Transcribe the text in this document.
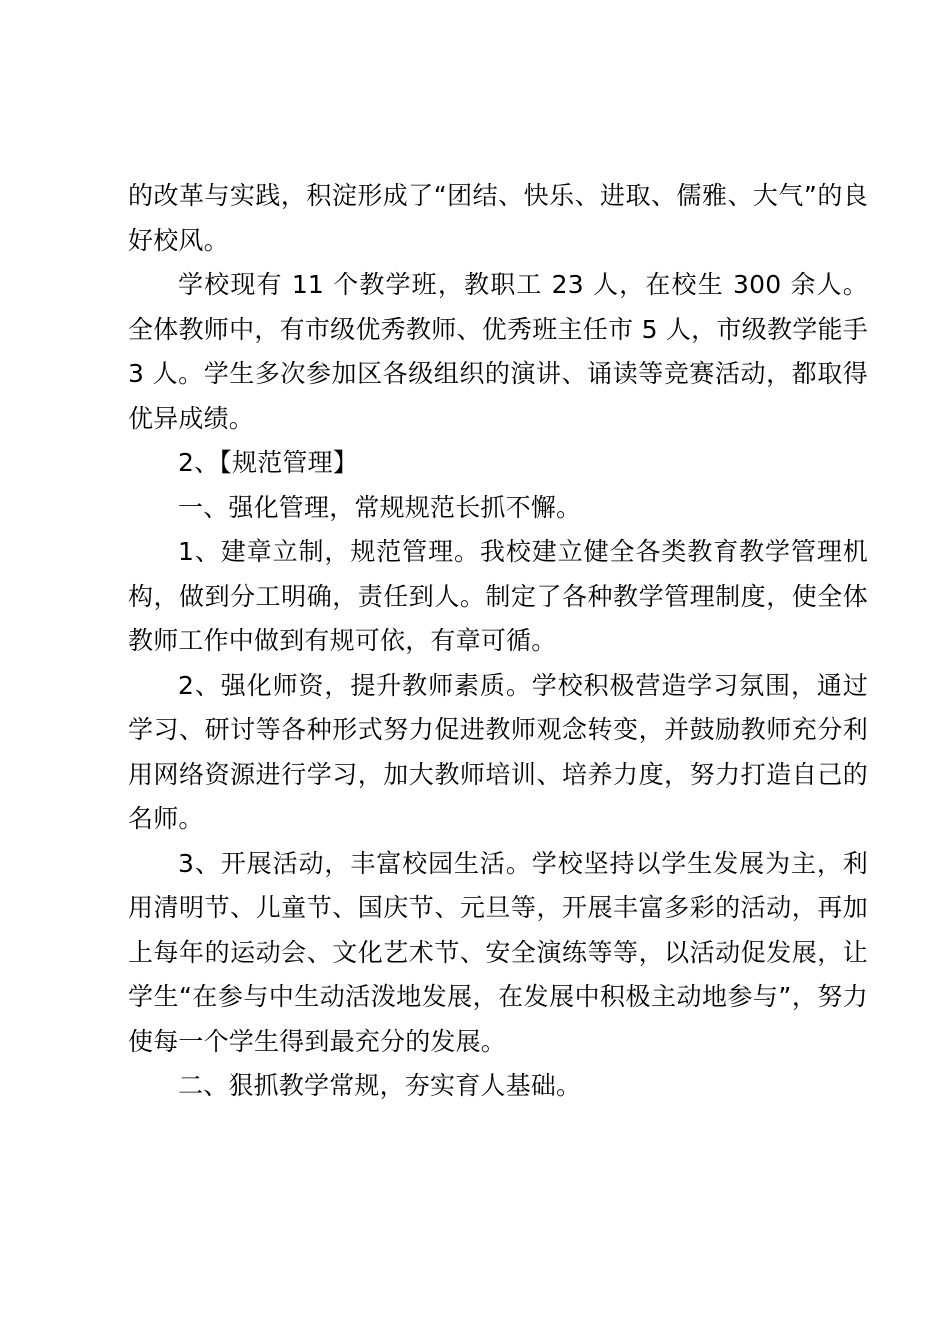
的改革与实践，积淀形成了“团结、快乐、进取、儒雅、大气”的良好校风。

学校现有 11 个教学班，教职工 23 人，在校生 300 余人。全体教师中，有市级优秀教师、优秀班主任市 5 人，市级教学能手 3 人。学生多次参加区各级组织的演讲、诵读等竞赛活动，都取得优异成绩。

2、【规范管理】

一、强化管理，常规规范长抓不懈。

1、建章立制，规范管理。我校建立健全各类教育教学管理机构，做到分工明确，责任到人。制定了各种教学管理制度，使全体教师工作中做到有规可依，有章可循。

2、强化师资，提升教师素质。学校积极营造学习氛围，通过学习、研讨等各种形式努力促进教师观念转变，并鼓励教师充分利用网络资源进行学习，加大教师培训、培养力度，努力打造自己的名师。

3、开展活动，丰富校园生活。学校坚持以学生发展为主，利用清明节、儿童节、国庆节、元旦等，开展丰富多彩的活动，再加上每年的运动会、文化艺术节、安全演练等等，以活动促发展，让学生“在参与中生动活泼地发展，在发展中积极主动地参与”，努力使每一个学生得到最充分的发展。

二、狠抓教学常规，夯实育人基础。
